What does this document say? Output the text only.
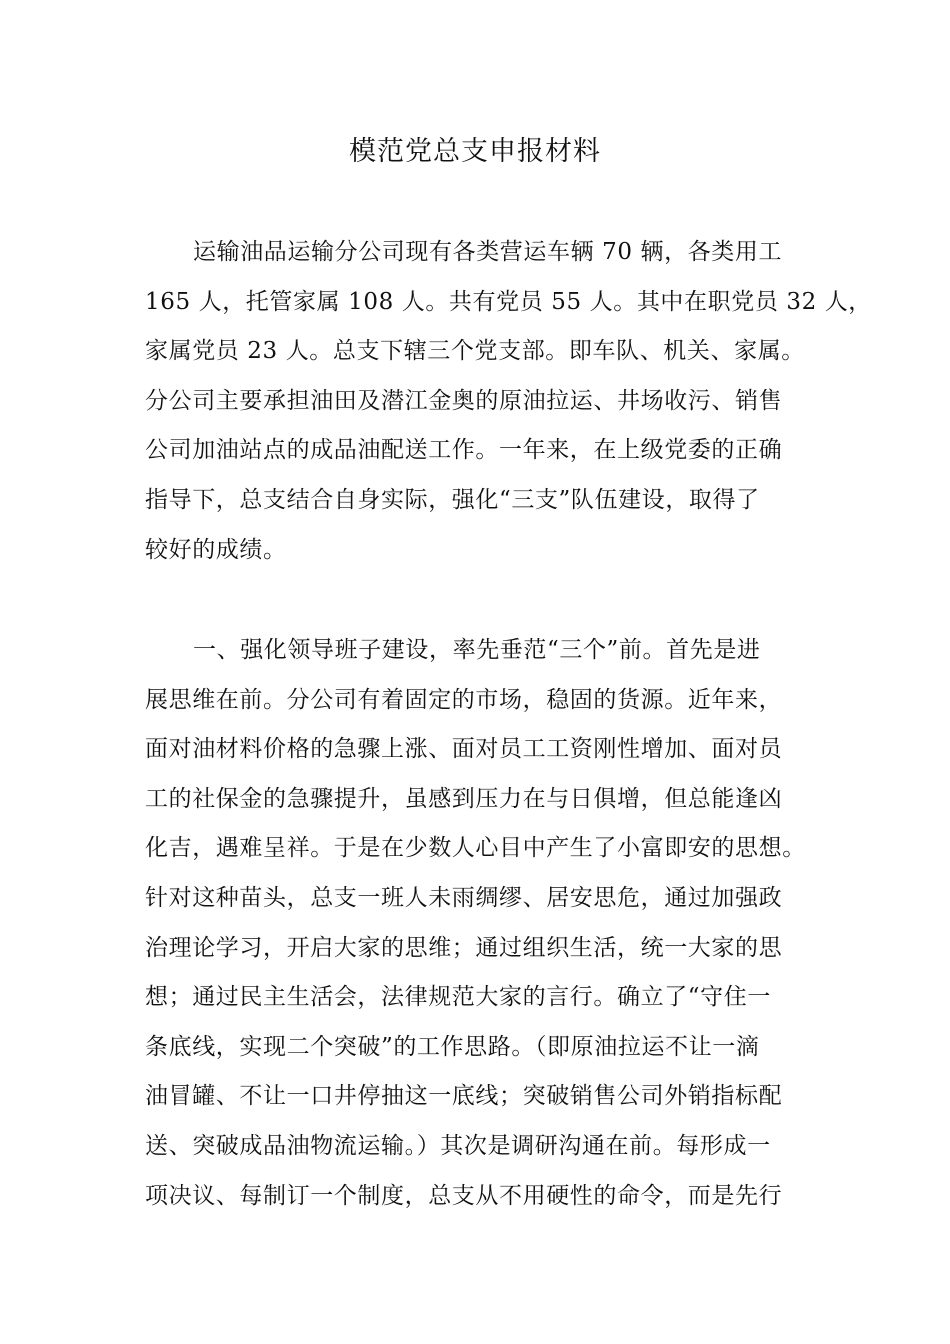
模范党总支申报材料
运输油品运输分公司现有各类营运车辆 70 辆，各类用工
165 人，托管家属 108 人。共有党员 55 人。其中在职党员 32 人，
家属党员 23 人。总支下辖三个党支部。即车队、机关、家属。
分公司主要承担油田及潜江金奥的原油拉运、井场收污、销售
公司加油站点的成品油配送工作。一年来，在上级党委的正确
指导下，总支结合自身实际，强化“三支”队伍建设，取得了
较好的成绩。
一、强化领导班子建设，率先垂范“三个”前。首先是进
展思维在前。分公司有着固定的市场，稳固的货源。近年来，
面对油材料价格的急骤上涨、面对员工工资刚性增加、面对员
工的社保金的急骤提升，虽感到压力在与日俱增，但总能逢凶
化吉，遇难呈祥。于是在少数人心目中产生了小富即安的思想。
针对这种苗头，总支一班人未雨绸缪、居安思危，通过加强政
治理论学习，开启大家的思维；通过组织生活，统一大家的思
想；通过民主生活会，法律规范大家的言行。确立了“守住一
条底线，实现二个突破”的工作思路。（即原油拉运不让一滴
油冒罐、不让一口井停抽这一底线；突破销售公司外销指标配
送、突破成品油物流运输。）其次是调研沟通在前。每形成一
项决议、每制订一个制度，总支从不用硬性的命令，而是先行
